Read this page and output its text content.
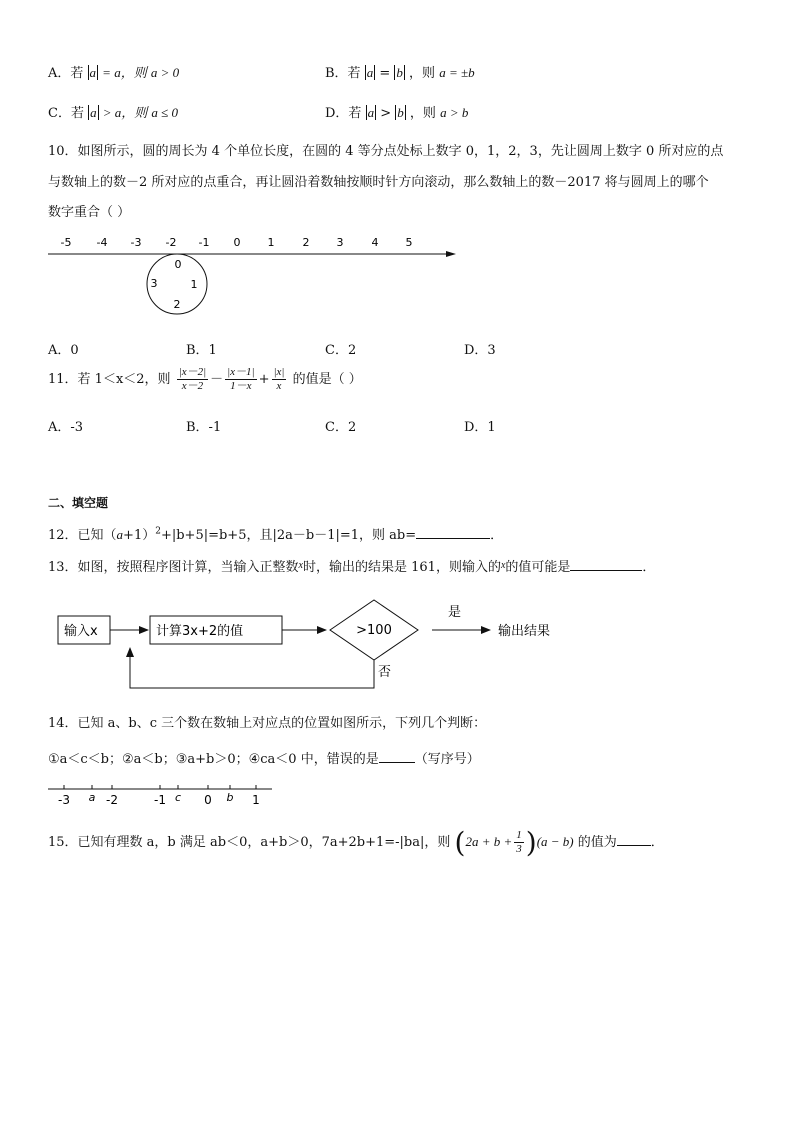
A．若 a = a，则 a > 0	B．若 a = b ，则 a = ±b
C．若 a > a，则 a ≤ 0	D．若 a > b ，则 a > b
10．如图所示，圆的周长为 4 个单位长度，在圆的 4 等分点处标上数字 0，1，2，3，先让圆周上数字 0 所对应的点
与数轴上的数－2 所对应的点重合，再让圆沿着数轴按顺时针方向滚动，那么数轴上的数－2017 将与圆周上的哪个
数字重合（ ）
-5 -4 -3 -2 -1 0 1	2 3	4 5
0
1
2
3
A．0	B．1	C．2	D．3
11．若 1＜x＜2，则 $\frac{|x-2|}{x-2} - \frac{|x-1|}{1-x} + \frac{|x|}{x}$ 的值是（ ）
A．-3	B．-1	C．2	D．1
二、填空题
12．已知$(a+1)^2+|b+5|=b+5$，且|2a－b－1|=1，则 ab=	．
13．如图，按照程序图计算，当输入正整数$^x$时，输出的结果是 161，则输入的$^x$的值可能是	．
输入x	计算3x+2的值	>100
是
输出结果
否
14．已知 a、b、c 三个数在数轴上对应点的位置如图所示，下列几个判断：
①a＜c＜b；②a＜b；③a+b＞0；④ca＜0 中，错误的是	（写序号）
-3	-2	-1	0	1
a	c	b
15．已知有理数 a，b 满足 ab＜0，a+b＞0，7a+2b+1=-|ba|，则 $(2a + b + \frac{1}{3} )(a - b)$ 的值为	．
